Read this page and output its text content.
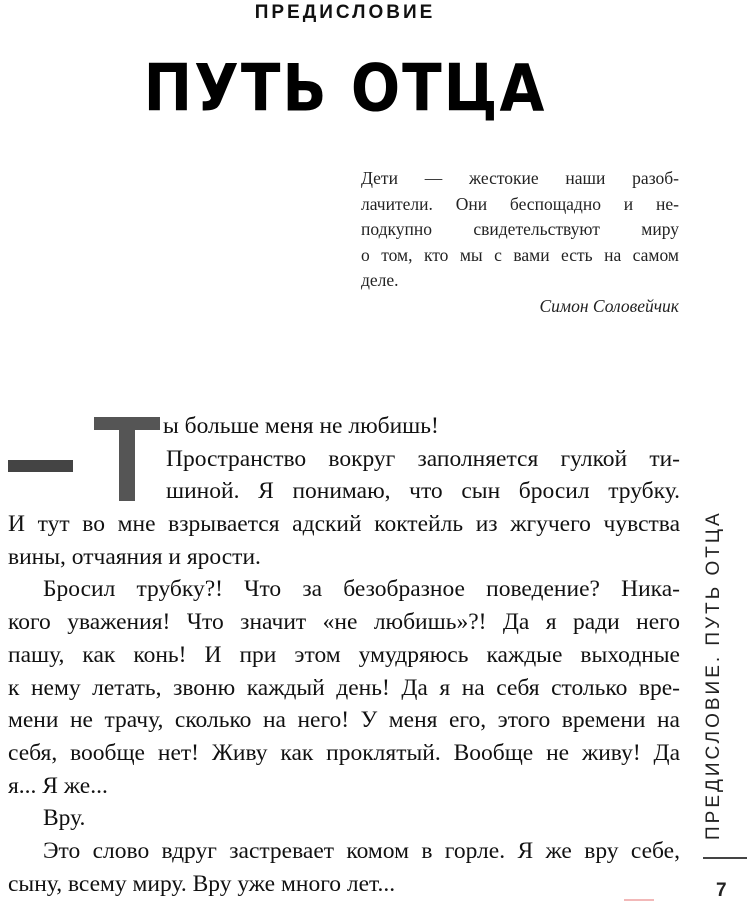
ПРЕДИСЛОВИЕ
ПУТЬ ОТЦА
Дети — жестокие наши разоб-
лачители. Они беспощадно и не-
подкупно свидетельствуют миру
о том, кто мы с вами есть на самом
деле.
Симон Соловейчик
ы больше меня не любишь!
Пространство вокруг заполняется гулкой ти-
шиной. Я понимаю, что сын бросил трубку.
И тут во мне взрывается адский коктейль из жгучего чувства
вины, отчаяния и ярости.
Бросил трубку?! Что за безобразное поведение? Ника-
кого уважения! Что значит «не любишь»?! Да я ради него
пашу, как конь! И при этом умудряюсь каждые выходные
к нему летать, звоню каждый день! Да я на себя столько вре-
мени не трачу, сколько на него! У меня его, этого времени на
себя, вообще нет! Живу как проклятый. Вообще не живу! Да
я... Я же...
Вру.
Это слово вдруг застревает комом в горле. Я же вру себе,
сыну, всему миру. Вру уже много лет...
ПРЕДИСЛОВИЕ. ПУТЬ ОТЦА
7
